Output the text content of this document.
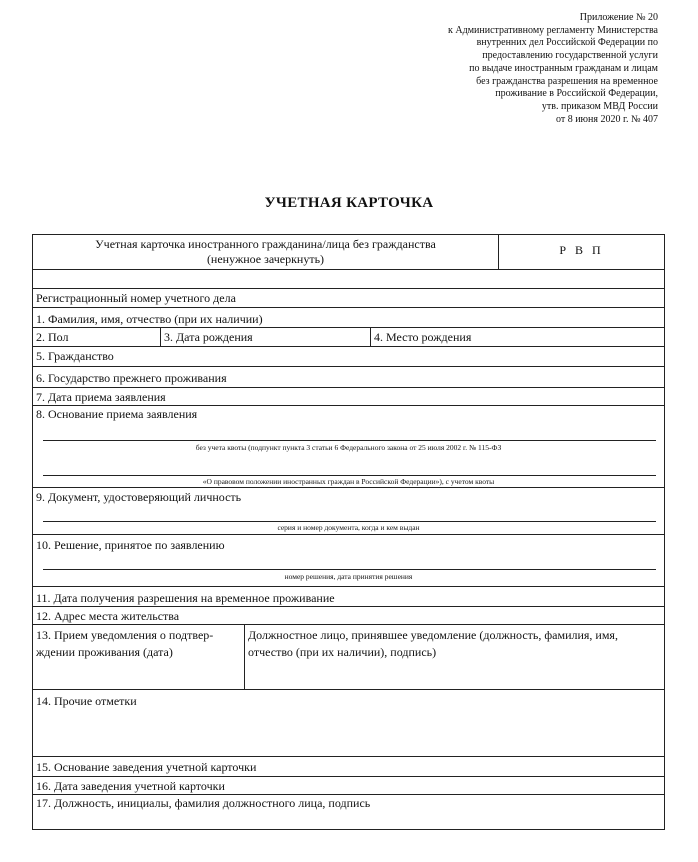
Приложение № 20
к Административному регламенту Министерства
внутренних дел Российской Федерации по
предоставлению государственной услуги
по выдаче иностранным гражданам и лицам
без гражданства разрешения на временное
проживание в Российской Федерации,
утв. приказом МВД России
от 8 июня 2020 г. № 407
УЧЕТНАЯ КАРТОЧКА
Учетная карточка иностранного гражданина/лица без гражданства
(ненужное зачеркнуть)
Р В П
Регистрационный номер учетного дела
1. Фамилия, имя, отчество (при их наличии)
2. Пол	3. Дата рождения	4. Место рождения
5. Гражданство
6. Государство прежнего проживания
7. Дата приема заявления
8. Основание приема заявления
без учета квоты (подпункт пункта 3 статьи 6 Федерального закона от 25 июля 2002 г. № 115-ФЗ
«О правовом положении иностранных граждан в Российской Федерации»), с учетом квоты
9. Документ, удостоверяющий личность
серия и номер документа, когда и кем выдан
10. Решение, принятое по заявлению
номер решения, дата принятия решения
11. Дата получения разрешения на временное проживание
12. Адрес места жительства
13. Прием уведомления о подтвер-
ждении проживания (дата)
Должностное лицо, принявшее уведомление (должность, фамилия, имя,
отчество (при их наличии), подпись)
14. Прочие отметки
15. Основание заведения учетной карточки
16. Дата заведения учетной карточки
17. Должность, инициалы, фамилия должностного лица, подпись
